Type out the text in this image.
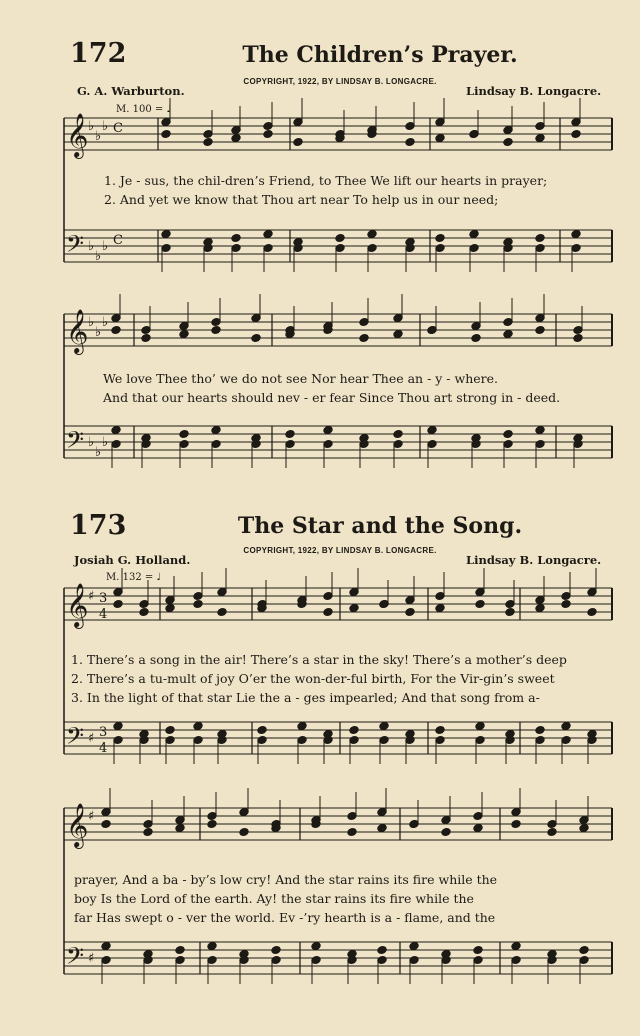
172	The Children’s Prayer.
COPYRIGHT, 1922, BY LINDSAY B. LONGACRE.
G. A. Warburton.	Lindsay B. Longacre.
M. 100 = ♩
1. Je - sus, the chil-dren’s Friend, to Thee We lift our hearts in prayer;
2. And yet we know that Thou art near To help us in our need;
We love Thee tho’ we do not see Nor hear Thee an - y - where.
And that our hearts should nev - er fear Since Thou art strong in - deed.
173	The Star and the Song.
COPYRIGHT, 1922, BY LINDSAY B. LONGACRE.
Josiah G. Holland.	Lindsay B. Longacre.
M. 132 = ♩
1. There’s a song in the air! There’s a star in the sky! There’s a mother’s deep
2. There’s a tu-mult of joy O’er the won-der-ful birth, For the Vir-gin’s sweet
3. In the light of that star Lie the a - ges impearled; And that song from a-
prayer, And a ba - by’s low cry! And the star rains its fire while the
boy Is the Lord of the earth. Ay! the star rains its fire while the
far Has swept o - ver the world. Ev -’ry hearth is a - flame, and the
𝄞
𝄢
♭
♭
♭
♭
♭
♭
C
C
𝄞
𝄢
♭
♭
♭
♭
♭
♭
𝄞
𝄢
♯
♯
3
4
3
4
𝄞
𝄢
♯
♯
